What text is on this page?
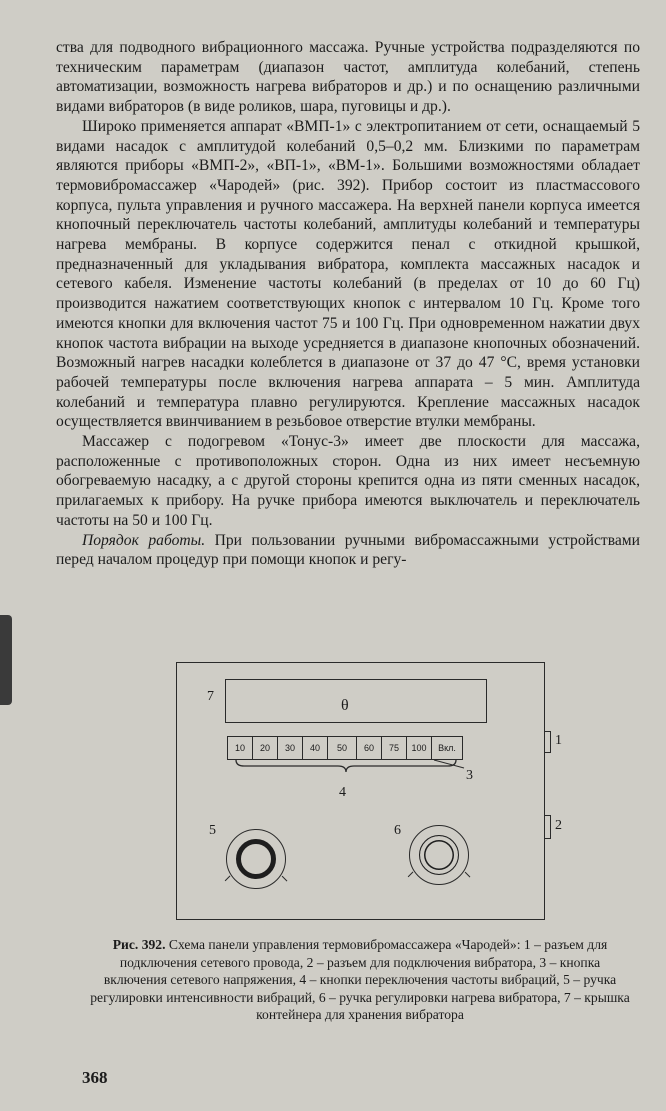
ства для подводного вибрационного массажа. Ручные устройства подразделяются по техническим параметрам (диапазон частот, амплитуда колебаний, степень автоматизации, возможность нагрева вибраторов и др.) и по оснащению различными видами вибраторов (в виде роликов, шара, пуговицы и др.).

Широко применяется аппарат «ВМП-1» с электропитанием от сети, оснащаемый 5 видами насадок с амплитудой колебаний 0,5–0,2 мм. Близкими по параметрам являются приборы «ВМП-2», «ВП-1», «ВМ-1». Большими возможностями обладает термовибромассажер «Чародей» (рис. 392). Прибор состоит из пластмассового корпуса, пульта управления и ручного массажера. На верхней панели корпуса имеется кнопочный переключатель частоты колебаний, амплитуды колебаний и температуры нагрева мембраны. В корпусе содержится пенал с откидной крышкой, предназначенный для укладывания вибратора, комплекта массажных насадок и сетевого кабеля. Изменение частоты колебаний (в пределах от 10 до 60 Гц) производится нажатием соответствующих кнопок с интервалом 10 Гц. Кроме того имеются кнопки для включения частот 75 и 100 Гц. При одновременном нажатии двух кнопок частота вибрации на выходе усредняется в диапазоне кнопочных обозначений. Возможный нагрев насадки колеблется в диапазоне от 37 до 47 °С, время установки рабочей температуры после включения нагрева аппарата – 5 мин. Амплитуда колебаний и температура плавно регулируются. Крепление массажных насадок осуществляется ввинчиванием в резьбовое отверстие втулки мембраны.

Массажер с подогревом «Тонус-3» имеет две плоскости для массажа, расположенные с противоположных сторон. Одна из них имеет несъемную обогреваемую насадку, а с другой стороны крепится одна из пяти сменных насадок, прилагаемых к прибору. На ручке прибора имеются выключатель и переключатель частоты на 50 и 100 Гц.

Порядок работы. При пользовании ручными вибромассажными устройствами перед началом процедур при помощи кнопок и регу-

7
θ
10	20	30	40	50	60	75	100	Вкл.
4
3
5	6
1
2
Рис. 392. Схема панели управления термовибромассажера «Чародей»: 1 – разъем для подключения сетевого провода, 2 – разъем для подключения вибратора, 3 – кнопка включения сетевого напряжения, 4 – кнопки переключения частоты вибраций, 5 – ручка регулировки интенсивности вибраций, 6 – ручка регулировки нагрева вибратора, 7 – крышка контейнера для хранения вибратора
368
